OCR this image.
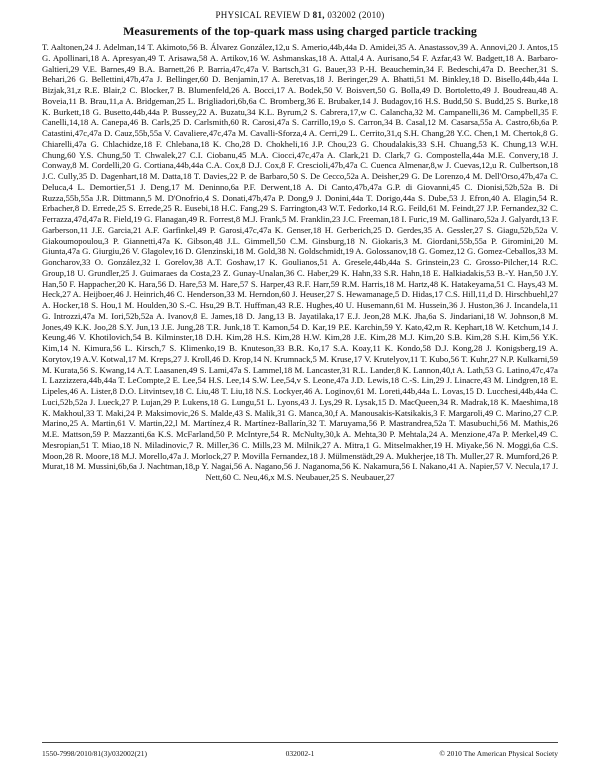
PHYSICAL REVIEW D 81, 032002 (2010)
Measurements of the top-quark mass using charged particle tracking
T. Aaltonen,24 J. Adelman,14 T. Akimoto,56 B. Álvarez González,12,u S. Amerio,44b,44a D. Amidei,35 A. Anastassov,39 A. Annovi,20 J. Antos,15 G. Apollinari,18 A. Apresyan,49 T. Arisawa,58 A. Artikov,16 W. Ashmanskas,18 A. Attal,4 A. Aurisano,54 F. Azfar,43 W. Badgett,18 A. Barbaro-Galtieri,29 V.E. Barnes,49 B.A. Barnett,26 P. Barria,47c,47a V. Bartsch,31 G. Bauer,33 P.-H. Beauchemin,34 F. Bedeschi,47a D. Beecher,31 S. Behari,26 G. Bellettini,47b,47a J. Bellinger,60 D. Benjamin,17 A. Beretvas,18 J. Beringer,29 A. Bhatti,51 M. Binkley,18 D. Bisello,44b,44a I. Bizjak,31,z R.E. Blair,2 C. Blocker,7 B. Blumenfeld,26 A. Bocci,17 A. Bodek,50 V. Boisvert,50 G. Bolla,49 D. Bortoletto,49 J. Boudreau,48 A. Boveia,11 B. Brau,11,a A. Bridgeman,25 L. Brigliadori,6b,6a C. Bromberg,36 E. Brubaker,14 J. Budagov,16 H.S. Budd,50 S. Budd,25 S. Burke,18 K. Burkett,18 G. Busetto,44b,44a P. Bussey,22 A. Buzatu,34 K.L. Byrum,2 S. Cabrera,17,w C. Calancha,32 M. Campanelli,36 M. Campbell,35 F. Canelli,14,18 A. Canepa,46 B. Carls,25 D. Carlsmith,60 R. Carosi,47a S. Carrillo,19,o S. Carron,34 B. Casal,12 M. Casarsa,55a A. Castro,6b,6a P. Catastini,47c,47a D. Cauz,55b,55a V. Cavaliere,47c,47a M. Cavalli-Sforza,4 A. Cerri,29 L. Cerrito,31,q S.H. Chang,28 Y.C. Chen,1 M. Chertok,8 G. Chiarelli,47a G. Chlachidze,18 F. Chlebana,18 K. Cho,28 D. Chokheli,16 J.P. Chou,23 G. Choudalakis,33 S.H. Chuang,53 K. Chung,13 W.H. Chung,60 Y.S. Chung,50 T. Chwalek,27 C.I. Ciobanu,45 M.A. Ciocci,47c,47a A. Clark,21 D. Clark,7 G. Compostella,44a M.E. Convery,18 J. Conway,8 M. Cordelli,20 G. Cortiana,44b,44a C.A. Cox,8 D.J. Cox,8 F. Crescioli,47b,47a C. Cuenca Almenar,8,w J. Cuevas,12,u R. Culbertson,18 J.C. Cully,35 D. Dagenhart,18 M. Datta,18 T. Davies,22 P. de Barbaro,50 S. De Cecco,52a A. Deisher,29 G. De Lorenzo,4 M. Dell'Orso,47b,47a C. Deluca,4 L. Demortier,51 J. Deng,17 M. Deninno,6a P.F. Derwent,18 A. Di Canto,47b,47a G.P. di Giovanni,45 C. Dionisi,52b,52a B. Di Ruzza,55b,55a J.R. Dittmann,5 M. D'Onofrio,4 S. Donati,47b,47a P. Dong,9 J. Donini,44a T. Dorigo,44a S. Dube,53 J. Efron,40 A. Elagin,54 R. Erbacher,8 D. Errede,25 S. Errede,25 R. Eusebi,18 H.C. Fang,29 S. Farrington,43 W.T. Fedorko,14 R.G. Feild,61 M. Feindt,27 J.P. Fernandez,32 C. Ferrazza,47d,47a R. Field,19 G. Flanagan,49 R. Forrest,8 M.J. Frank,5 M. Franklin,23 J.C. Freeman,18 I. Furic,19 M. Gallinaro,52a J. Galyardt,13 F. Garberson,11 J.E. Garcia,21 A.F. Garfinkel,49 P. Garosi,47c,47a K. Genser,18 H. Gerberich,25 D. Gerdes,35 A. Gessler,27 S. Giagu,52b,52a V. Giakoumopoulou,3 P. Giannetti,47a K. Gibson,48 J.L. Gimmell,50 C.M. Ginsburg,18 N. Giokaris,3 M. Giordani,55b,55a P. Giromini,20 M. Giunta,47a G. Giurgiu,26 V. Glagolev,16 D. Glenzinski,18 M. Gold,38 N. Goldschmidt,19 A. Golossanov,18 G. Gomez,12 G. Gomez-Ceballos,33 M. Goncharov,33 O. González,32 I. Gorelov,38 A.T. Goshaw,17 K. Goulianos,51 A. Gresele,44b,44a S. Grinstein,23 C. Grosso-Pilcher,14 R.C. Group,18 U. Grundler,25 J. Guimaraes da Costa,23 Z. Gunay-Unalan,36 C. Haber,29 K. Hahn,33 S.R. Hahn,18 E. Halkiadakis,53 B.-Y. Han,50 J.Y. Han,50 F. Happacher,20 K. Hara,56 D. Hare,53 M. Hare,57 S. Harper,43 R.F. Harr,59 R.M. Harris,18 M. Hartz,48 K. Hatakeyama,51 C. Hays,43 M. Heck,27 A. Heijboer,46 J. Heinrich,46 C. Henderson,33 M. Herndon,60 J. Heuser,27 S. Hewamanage,5 D. Hidas,17 C.S. Hill,11,d D. Hirschbuehl,27 A. Hocker,18 S. Hou,1 M. Houlden,30 S.-C. Hsu,29 B.T. Huffman,43 R.E. Hughes,40 U. Husemann,61 M. Hussein,36 J. Huston,36 J. Incandela,11 G. Introzzi,47a M. Iori,52b,52a A. Ivanov,8 E. James,18 D. Jang,13 B. Jayatilaka,17 E.J. Jeon,28 M.K. Jha,6a S. Jindariani,18 W. Johnson,8 M. Jones,49 K.K. Joo,28 S.Y. Jun,13 J.E. Jung,28 T.R. Junk,18 T. Kamon,54 D. Kar,19 P.E. Karchin,59 Y. Kato,42,m R. Kephart,18 W. Ketchum,14 J. Keung,46 V. Khotilovich,54 B. Kilminster,18 D.H. Kim,28 H.S. Kim,28 H.W. Kim,28 J.E. Kim,28 M.J. Kim,20 S.B. Kim,28 S.H. Kim,56 Y.K. Kim,14 N. Kimura,56 L. Kirsch,7 S. Klimenko,19 B. Knuteson,33 B.R. Ko,17 S.A. Koay,11 K. Kondo,58 D.J. Kong,28 J. Konigsberg,19 A. Korytov,19 A.V. Kotwal,17 M. Kreps,27 J. Kroll,46 D. Krop,14 N. Krumnack,5 M. Kruse,17 V. Krutelyov,11 T. Kubo,56 T. Kuhr,27 N.P. Kulkarni,59 M. Kurata,56 S. Kwang,14 A.T. Laasanen,49 S. Lami,47a S. Lammel,18 M. Lancaster,31 R.L. Lander,8 K. Lannon,40,t A. Lath,53 G. Latino,47c,47a I. Lazzizzera,44b,44a T. LeCompte,2 E. Lee,54 H.S. Lee,14 S.W. Lee,54,v S. Leone,47a J.D. Lewis,18 C.-S. Lin,29 J. Linacre,43 M. Lindgren,18 E. Lipeles,46 A. Lister,8 D.O. Litvintsev,18 C. Liu,48 T. Liu,18 N.S. Lockyer,46 A. Loginov,61 M. Loreti,44b,44a L. Lovas,15 D. Lucchesi,44b,44a C. Luci,52b,52a J. Lueck,27 P. Lujan,29 P. Lukens,18 G. Lungu,51 L. Lyons,43 J. Lys,29 R. Lysak,15 D. MacQueen,34 R. Madrak,18 K. Maeshima,18 K. Makhoul,33 T. Maki,24 P. Maksimovic,26 S. Malde,43 S. Malik,31 G. Manca,30,f A. Manousakis-Katsikakis,3 F. Margaroli,49 C. Marino,27 C.P. Marino,25 A. Martin,61 V. Martin,22,l M. Martínez,4 R. Martínez-Ballarín,32 T. Maruyama,56 P. Mastrandrea,52a T. Masubuchi,56 M. Mathis,26 M.E. Mattson,59 P. Mazzanti,6a K.S. McFarland,50 P. McIntyre,54 R. McNulty,30,k A. Mehta,30 P. Mehtala,24 A. Menzione,47a P. Merkel,49 C. Mesropian,51 T. Miao,18 N. Miladinovic,7 R. Miller,36 C. Mills,23 M. Milnik,27 A. Mitra,1 G. Mitselmakher,19 H. Miyake,56 N. Moggi,6a C.S. Moon,28 R. Moore,18 M.J. Morello,47a J. Morlock,27 P. Movilla Fernandez,18 J. Mülmenstädt,29 A. Mukherjee,18 Th. Muller,27 R. Mumford,26 P. Murat,18 M. Mussini,6b,6a J. Nachtman,18,p Y. Nagai,56 A. Nagano,56 J. Naganoma,56 K. Nakamura,56 I. Nakano,41 A. Napier,57 V. Necula,17 J. Nett,60 C. Neu,46,x M.S. Neubauer,25 S. Neubauer,27
1550-7998/2010/81(3)/032002(21)	032002-1	© 2010 The American Physical Society
